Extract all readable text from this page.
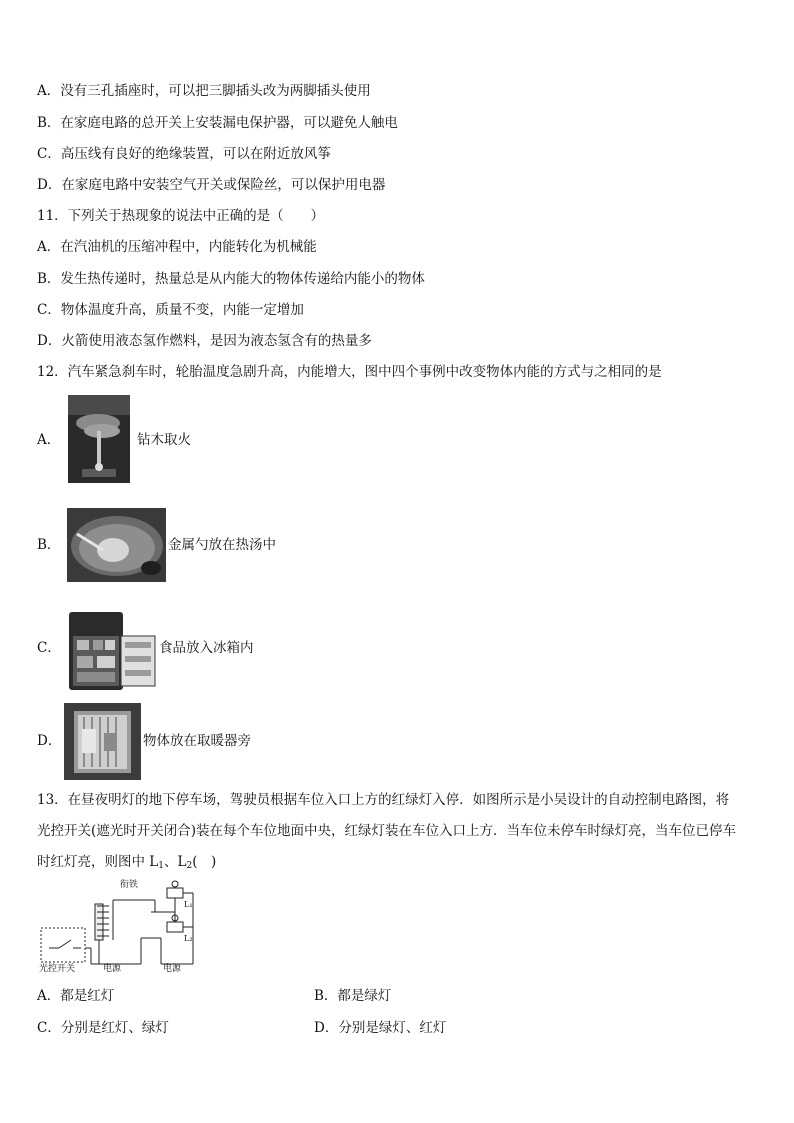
A．没有三孔插座时，可以把三脚插头改为两脚插头使用
B．在家庭电路的总开关上安装漏电保护器，可以避免人触电
C．高压线有良好的绝缘装置，可以在附近放风筝
D．在家庭电路中安装空气开关或保险丝，可以保护用电器
11．下列关于热现象的说法中正确的是（　　）
A．在汽油机的压缩冲程中，内能转化为机械能
B．发生热传递时，热量总是从内能大的物体传递给内能小的物体
C．物体温度升高，质量不变，内能一定增加
D．火箭使用液态氢作燃料，是因为液态氢含有的热量多
12．汽车紧急刹车时，轮胎温度急剧升高，内能增大，图中四个事例中改变物体内能的方式与之相同的是
A．	钻木取火
B．	金属勺放在热汤中
C．	食品放入冰箱内
D．	物体放在取暖器旁
13．在昼夜明灯的地下停车场，驾驶员根据车位入口上方的红绿灯入停．如图所示是小吴设计的自动控制电路图，将
光控开关(遮光时开关闭合)装在每个车位地面中央，红绿灯装在车位入口上方．当车位未停车时绿灯亮，当车位已停车
时红灯亮，则图中 $L_1$、$L_2$(　)
衔铁
L₁
L₂
光控开关	电源	电源
A．都是红灯	B．都是绿灯
C．分别是红灯、绿灯	D．分别是绿灯、红灯
